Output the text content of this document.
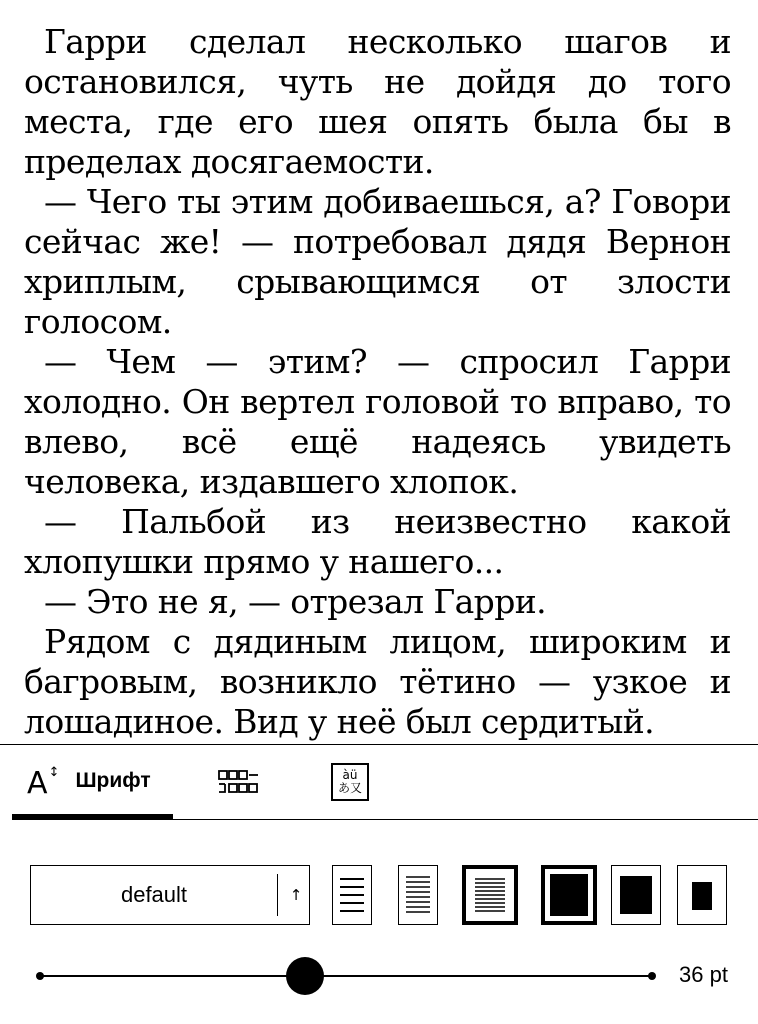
Гарри сделал несколько шагов и остановился, чуть не дойдя до того места, где его шея опять была бы в пределах досягаемости.

— Чего ты этим добиваешься, а? Говори сейчас же! — потребовал дядя Вернон хриплым, срывающимся от злости голосом.

— Чем — этим? — спросил Гарри холодно. Он вертел головой то вправо, то влево, всё ещё надеясь увидеть человека, издавшего хлопок.

— Пальбой из неизвестно какой хлопушки прямо у нашего...

— Это не я, — отрезал Гарри.

Рядом с дядиным лицом, широким и багровым, возникло тётино — узкое и лошадиное. Вид у неё был сердитый.

A↕ Шрифт	àü
あ又
default	↑
36 pt
